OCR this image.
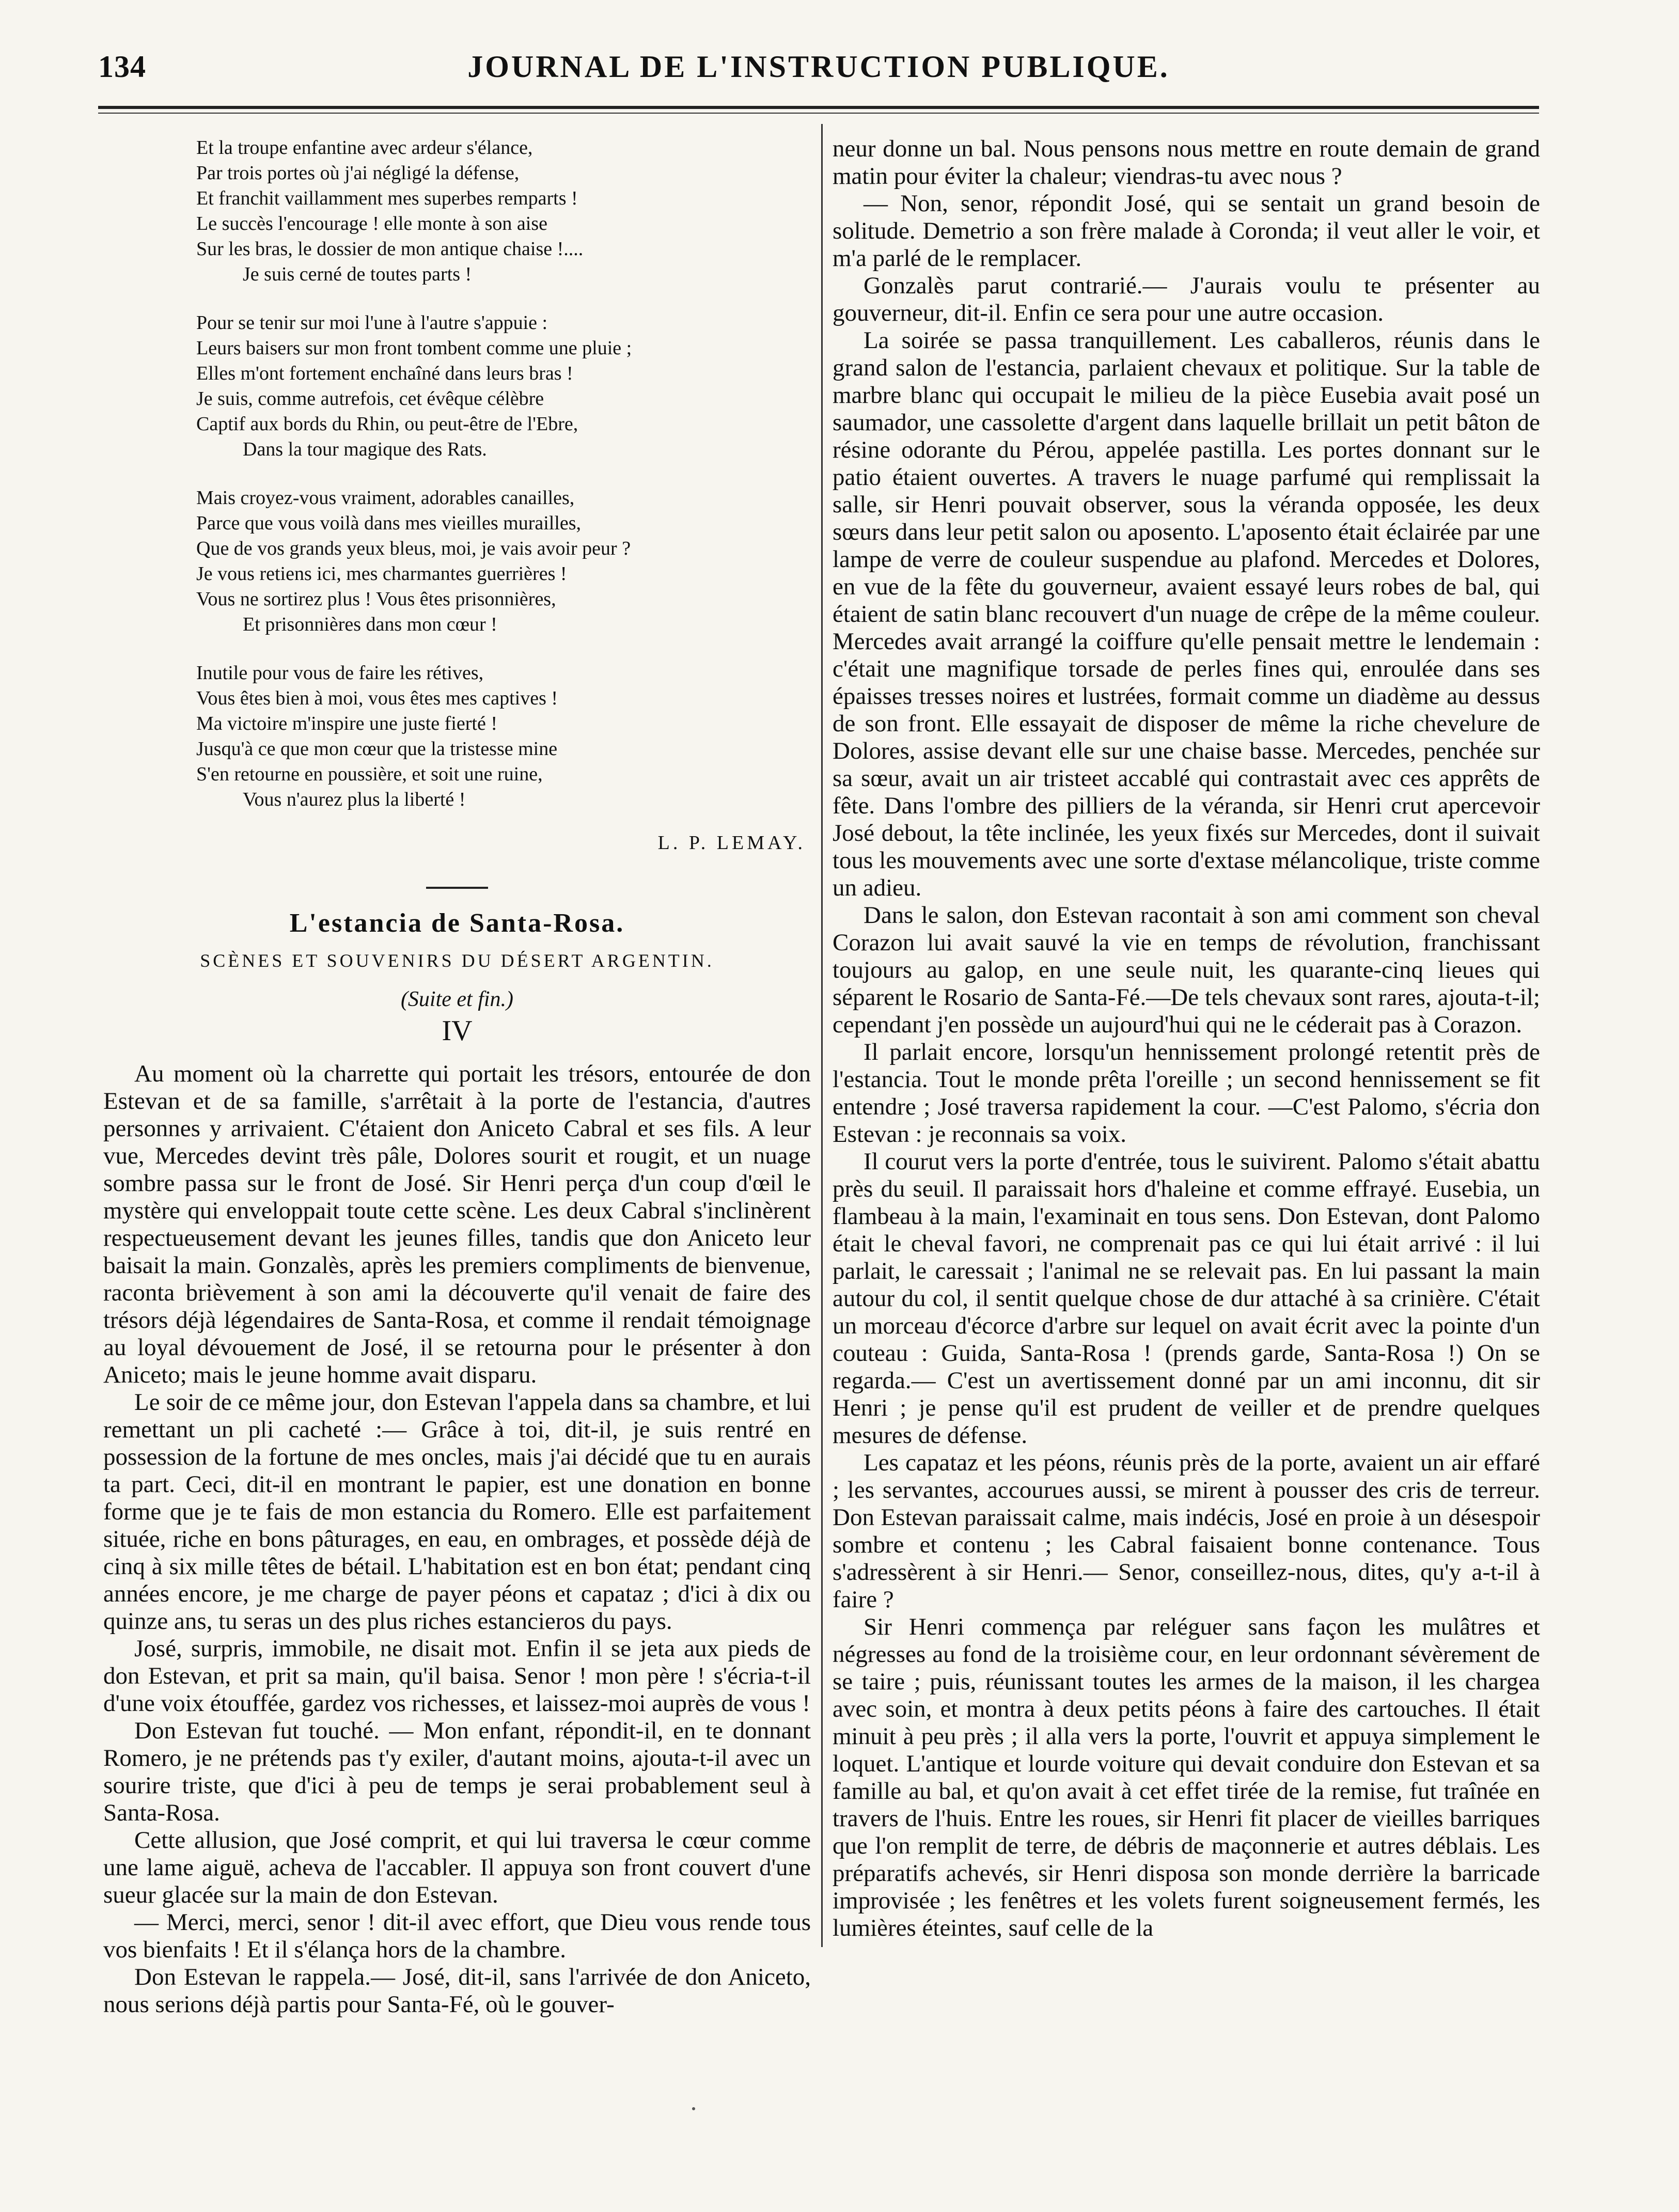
134	JOURNAL DE L'INSTRUCTION PUBLIQUE.
Et la troupe enfantine avec ardeur s'élance,
Par trois portes où j'ai négligé la défense,
Et franchit vaillamment mes superbes remparts !
Le succès l'encourage ! elle monte à son aise
Sur les bras, le dossier de mon antique chaise !....
Je suis cerné de toutes parts !
Pour se tenir sur moi l'une à l'autre s'appuie :
Leurs baisers sur mon front tombent comme une pluie ;
Elles m'ont fortement enchaîné dans leurs bras !
Je suis, comme autrefois, cet évêque célèbre
Captif aux bords du Rhin, ou peut-être de l'Ebre,
Dans la tour magique des Rats.
Mais croyez-vous vraiment, adorables canailles,
Parce que vous voilà dans mes vieilles murailles,
Que de vos grands yeux bleus, moi, je vais avoir peur ?
Je vous retiens ici, mes charmantes guerrières !
Vous ne sortirez plus ! Vous êtes prisonnières,
Et prisonnières dans mon cœur !
Inutile pour vous de faire les rétives,
Vous êtes bien à moi, vous êtes mes captives !
Ma victoire m'inspire une juste fierté !
Jusqu'à ce que mon cœur que la tristesse mine
S'en retourne en poussière, et soit une ruine,
Vous n'aurez plus la liberté !
L. P. LEMAY.
L'estancia de Santa-Rosa.
SCÈNES ET SOUVENIRS DU DÉSERT ARGENTIN.
(Suite et fin.)
IV

Au moment où la charrette qui portait les trésors, entourée de don Estevan et de sa famille, s'arrêtait à la porte de l'estancia, d'autres personnes y arrivaient. C'étaient don Aniceto Cabral et ses fils. A leur vue, Mercedes devint très pâle, Dolores sourit et rougit, et un nuage sombre passa sur le front de José. Sir Henri perça d'un coup d'œil le mystère qui enveloppait toute cette scène. Les deux Cabral s'inclinèrent respectueusement devant les jeunes filles, tandis que don Aniceto leur baisait la main. Gonzalès, après les premiers compliments de bienvenue, raconta brièvement à son ami la découverte qu'il venait de faire des trésors déjà légendaires de Santa-Rosa, et comme il rendait témoignage au loyal dévouement de José, il se retourna pour le présenter à don Aniceto; mais le jeune homme avait disparu.

Le soir de ce même jour, don Estevan l'appela dans sa chambre, et lui remettant un pli cacheté :— Grâce à toi, dit-il, je suis rentré en possession de la fortune de mes oncles, mais j'ai décidé que tu en aurais ta part. Ceci, dit-il en montrant le papier, est une donation en bonne forme que je te fais de mon estancia du Romero. Elle est parfaitement située, riche en bons pâturages, en eau, en ombrages, et possède déjà de cinq à six mille têtes de bétail. L'habitation est en bon état; pendant cinq années encore, je me charge de payer péons et capataz ; d'ici à dix ou quinze ans, tu seras un des plus riches estancieros du pays.

José, surpris, immobile, ne disait mot. Enfin il se jeta aux pieds de don Estevan, et prit sa main, qu'il baisa. Senor ! mon père ! s'écria-t-il d'une voix étouffée, gardez vos richesses, et laissez-moi auprès de vous !

Don Estevan fut touché. — Mon enfant, répondit-il, en te donnant Romero, je ne prétends pas t'y exiler, d'autant moins, ajouta-t-il avec un sourire triste, que d'ici à peu de temps je serai probablement seul à Santa-Rosa.

Cette allusion, que José comprit, et qui lui traversa le cœur comme une lame aiguë, acheva de l'accabler. Il appuya son front couvert d'une sueur glacée sur la main de don Estevan.

— Merci, merci, senor ! dit-il avec effort, que Dieu vous rende tous vos bienfaits ! Et il s'élança hors de la chambre.

Don Estevan le rappela.— José, dit-il, sans l'arrivée de don Aniceto, nous serions déjà partis pour Santa-Fé, où le gouver-

neur donne un bal. Nous pensons nous mettre en route demain de grand matin pour éviter la chaleur; viendras-tu avec nous ?

— Non, senor, répondit José, qui se sentait un grand besoin de solitude. Demetrio a son frère malade à Coronda; il veut aller le voir, et m'a parlé de le remplacer.

Gonzalès parut contrarié.— J'aurais voulu te présenter au gouverneur, dit-il. Enfin ce sera pour une autre occasion.

La soirée se passa tranquillement. Les caballeros, réunis dans le grand salon de l'estancia, parlaient chevaux et politique. Sur la table de marbre blanc qui occupait le milieu de la pièce Eusebia avait posé un saumador, une cassolette d'argent dans laquelle brillait un petit bâton de résine odorante du Pérou, appelée pastilla. Les portes donnant sur le patio étaient ouvertes. A travers le nuage parfumé qui remplissait la salle, sir Henri pouvait observer, sous la véranda opposée, les deux sœurs dans leur petit salon ou aposento. L'aposento était éclairée par une lampe de verre de couleur suspendue au plafond. Mercedes et Dolores, en vue de la fête du gouverneur, avaient essayé leurs robes de bal, qui étaient de satin blanc recouvert d'un nuage de crêpe de la même couleur. Mercedes avait arrangé la coiffure qu'elle pensait mettre le lendemain : c'était une magnifique torsade de perles fines qui, enroulée dans ses épaisses tresses noires et lustrées, formait comme un diadème au dessus de son front. Elle essayait de disposer de même la riche chevelure de Dolores, assise devant elle sur une chaise basse. Mercedes, penchée sur sa sœur, avait un air tristeet accablé qui contrastait avec ces apprêts de fête. Dans l'ombre des pilliers de la véranda, sir Henri crut apercevoir José debout, la tête inclinée, les yeux fixés sur Mercedes, dont il suivait tous les mouvements avec une sorte d'extase mélancolique, triste comme un adieu.

Dans le salon, don Estevan racontait à son ami comment son cheval Corazon lui avait sauvé la vie en temps de révolution, franchissant toujours au galop, en une seule nuit, les quarante-cinq lieues qui séparent le Rosario de Santa-Fé.—De tels chevaux sont rares, ajouta-t-il; cependant j'en possède un aujourd'hui qui ne le céderait pas à Corazon.

Il parlait encore, lorsqu'un hennissement prolongé retentit près de l'estancia. Tout le monde prêta l'oreille ; un second hennissement se fit entendre ; José traversa rapidement la cour. —C'est Palomo, s'écria don Estevan : je reconnais sa voix.

Il courut vers la porte d'entrée, tous le suivirent. Palomo s'était abattu près du seuil. Il paraissait hors d'haleine et comme effrayé. Eusebia, un flambeau à la main, l'examinait en tous sens. Don Estevan, dont Palomo était le cheval favori, ne comprenait pas ce qui lui était arrivé : il lui parlait, le caressait ; l'animal ne se relevait pas. En lui passant la main autour du col, il sentit quelque chose de dur attaché à sa crinière. C'était un morceau d'écorce d'arbre sur lequel on avait écrit avec la pointe d'un couteau : Guida, Santa-Rosa ! (prends garde, Santa-Rosa !) On se regarda.— C'est un avertissement donné par un ami inconnu, dit sir Henri ; je pense qu'il est prudent de veiller et de prendre quelques mesures de défense.

Les capataz et les péons, réunis près de la porte, avaient un air effaré ; les servantes, accourues aussi, se mirent à pousser des cris de terreur. Don Estevan paraissait calme, mais indécis, José en proie à un désespoir sombre et contenu ; les Cabral faisaient bonne contenance. Tous s'adressèrent à sir Henri.— Senor, conseillez-nous, dites, qu'y a-t-il à faire ?

Sir Henri commença par reléguer sans façon les mulâtres et négresses au fond de la troisième cour, en leur ordonnant sévèrement de se taire ; puis, réunissant toutes les armes de la maison, il les chargea avec soin, et montra à deux petits péons à faire des cartouches. Il était minuit à peu près ; il alla vers la porte, l'ouvrit et appuya simplement le loquet. L'antique et lourde voiture qui devait conduire don Estevan et sa famille au bal, et qu'on avait à cet effet tirée de la remise, fut traînée en travers de l'huis. Entre les roues, sir Henri fit placer de vieilles barriques que l'on remplit de terre, de débris de maçonnerie et autres déblais. Les préparatifs achevés, sir Henri disposa son monde derrière la barricade improvisée ; les fenêtres et les volets furent soigneusement fermés, les lumières éteintes, sauf celle de la
